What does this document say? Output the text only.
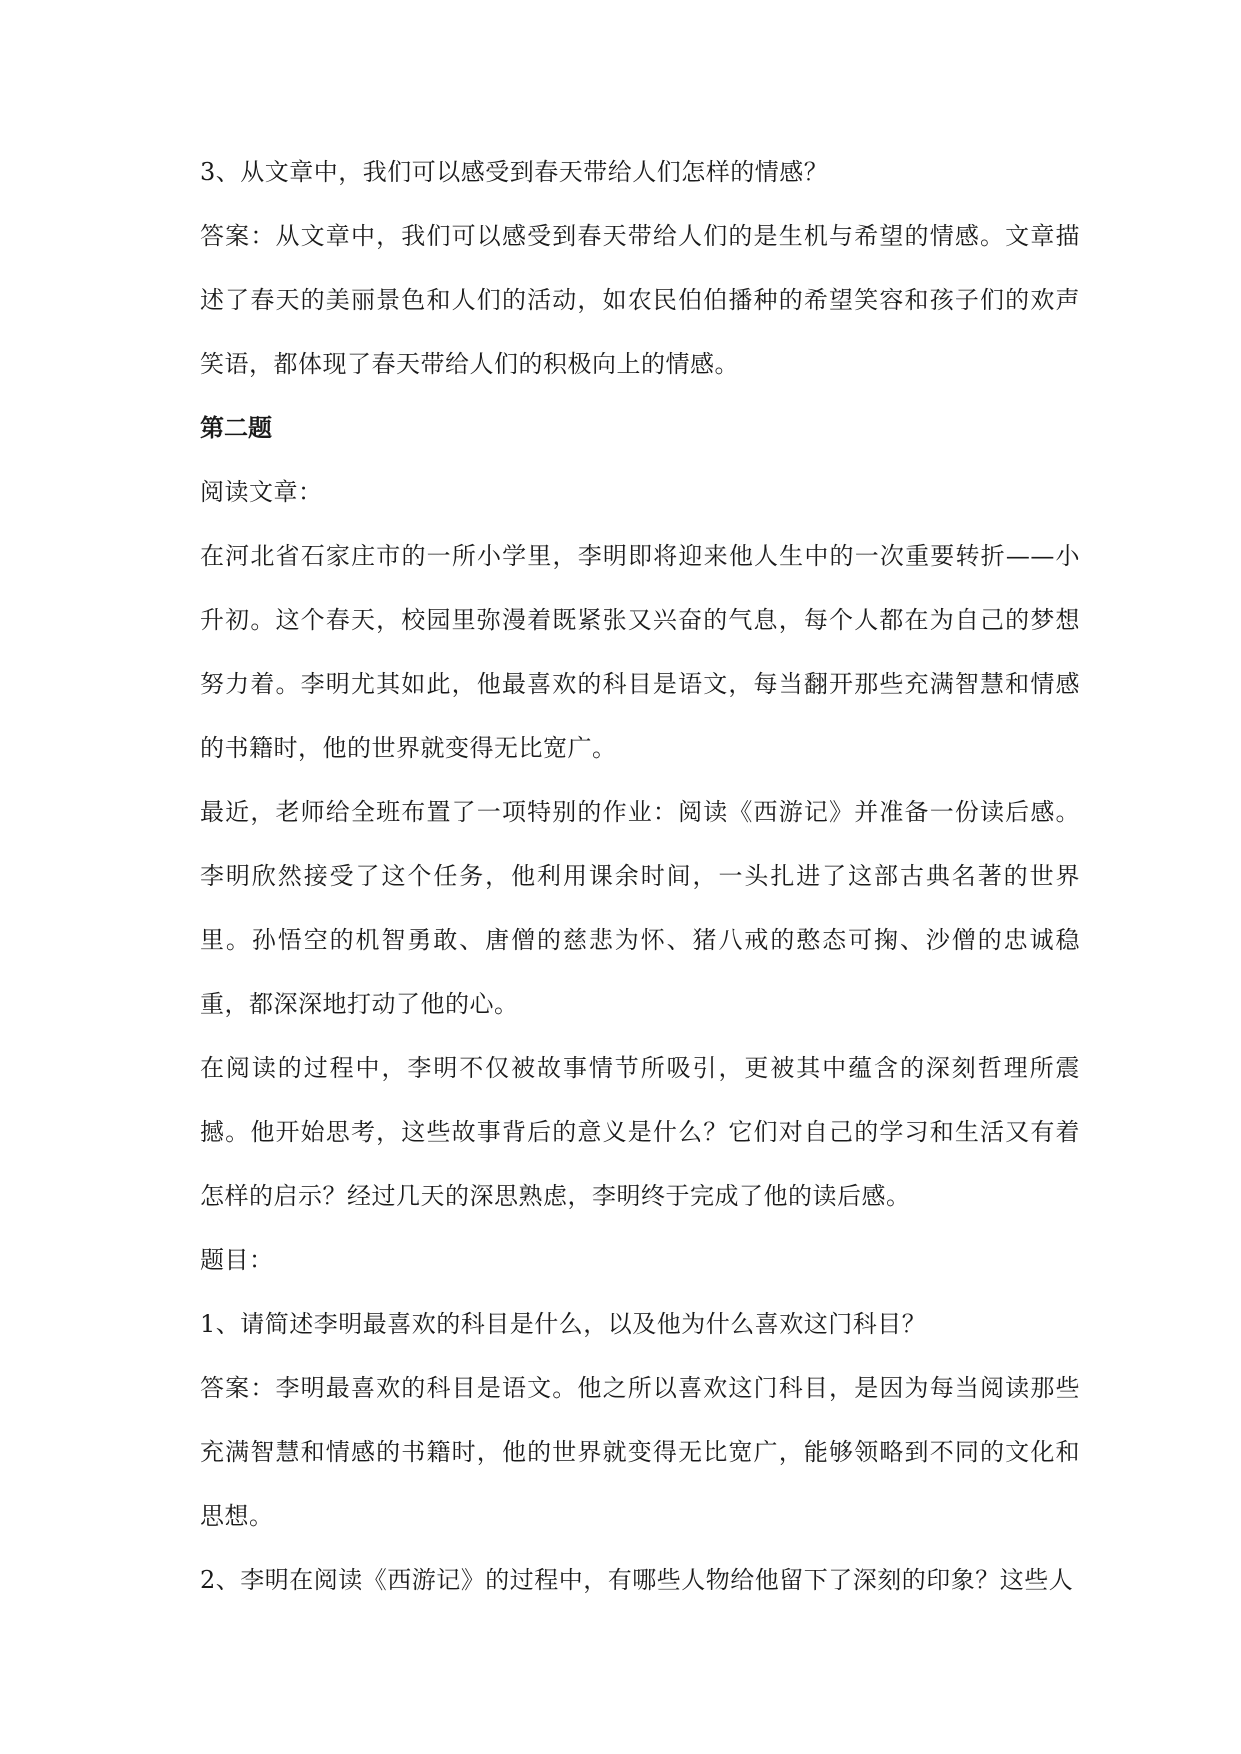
3、从文章中，我们可以感受到春天带给人们怎样的情感？

答案：从文章中，我们可以感受到春天带给人们的是生机与希望的情感。文章描述了春天的美丽景色和人们的活动，如农民伯伯播种的希望笑容和孩子们的欢声笑语，都体现了春天带给人们的积极向上的情感。

第二题

阅读文章：

在河北省石家庄市的一所小学里，李明即将迎来他人生中的一次重要转折——小升初。这个春天，校园里弥漫着既紧张又兴奋的气息，每个人都在为自己的梦想努力着。李明尤其如此，他最喜欢的科目是语文，每当翻开那些充满智慧和情感的书籍时，他的世界就变得无比宽广。

最近，老师给全班布置了一项特别的作业：阅读《西游记》并准备一份读后感。李明欣然接受了这个任务，他利用课余时间，一头扎进了这部古典名著的世界里。孙悟空的机智勇敢、唐僧的慈悲为怀、猪八戒的憨态可掬、沙僧的忠诚稳重，都深深地打动了他的心。

在阅读的过程中，李明不仅被故事情节所吸引，更被其中蕴含的深刻哲理所震撼。他开始思考，这些故事背后的意义是什么？它们对自己的学习和生活又有着怎样的启示？经过几天的深思熟虑，李明终于完成了他的读后感。

题目：

1、请简述李明最喜欢的科目是什么，以及他为什么喜欢这门科目？

答案：李明最喜欢的科目是语文。他之所以喜欢这门科目，是因为每当阅读那些充满智慧和情感的书籍时，他的世界就变得无比宽广，能够领略到不同的文化和思想。

2、李明在阅读《西游记》的过程中，有哪些人物给他留下了深刻的印象？这些人
